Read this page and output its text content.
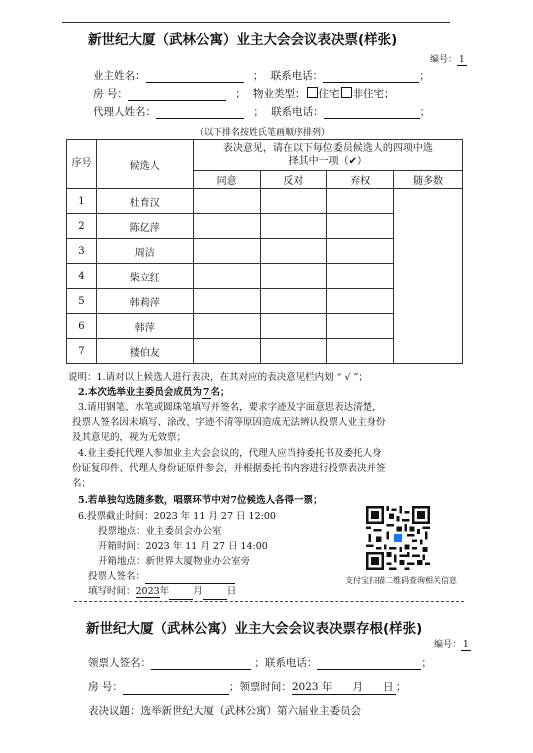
新世纪大厦（武林公寓）业主大会会议表决票(样张)
编号： 1
业主姓名：	； 联系电话：	；
房 号：	； 物业类型： 住宅 非住宅；
代理人姓名：	； 联系电话：	；
（以下排名按姓氏笔画顺序排列）
序号	候选人	表决意见，请在以下每位委员候选人的四项中选
择其中一项（✔）			

		同意	反对	弃权	随多数
1	杜育汉				
2	陈亿萍				
3	周洁				
4	柴立红				
5	韩莉萍				
6	韩萍				
7	楼伯友				
说明：1.请对以上候选人进行表决，在其对应的表决意见栏内划 “ √ ”；
2.本次选举业主委员会成员为7名；
3.请用钢笔、水笔或圆珠笔填写并签名，要求字迹及字面意思表达清楚，
投票人签名因未填写、涂改、字迹不清等原因造成无法辨认投票人业主身份
及其意见的，视为无效票；
4.业主委托代理人参加业主大会会议的，代理人应当持委托书及委托人身
份证复印件、代理人身份证原件参会，并根据委托书内容进行投票表决并签
名；
5.若单独勾选随多数，唱票环节中对7位候选人各得一票；
6.投票截止时间：2023 年 11 月 27 日 12:00
投票地点：业主委员会办公室
开箱时间：2023 年 11 月 27 日 14:00
开箱地点：新世界大厦物业办公室旁
投票人签名：
填写时间：2023年	月	日
支付宝扫描二维码查询相关信息
新世纪大厦（武林公寓）业主大会会议表决票存根(样张)
编号： 1
领票人签名：	；联系电话：	；
房 号：	；领票时间：2023 年 月 日 ；
表决议题：选举新世纪大厦（武林公寓）第六届业主委员会
